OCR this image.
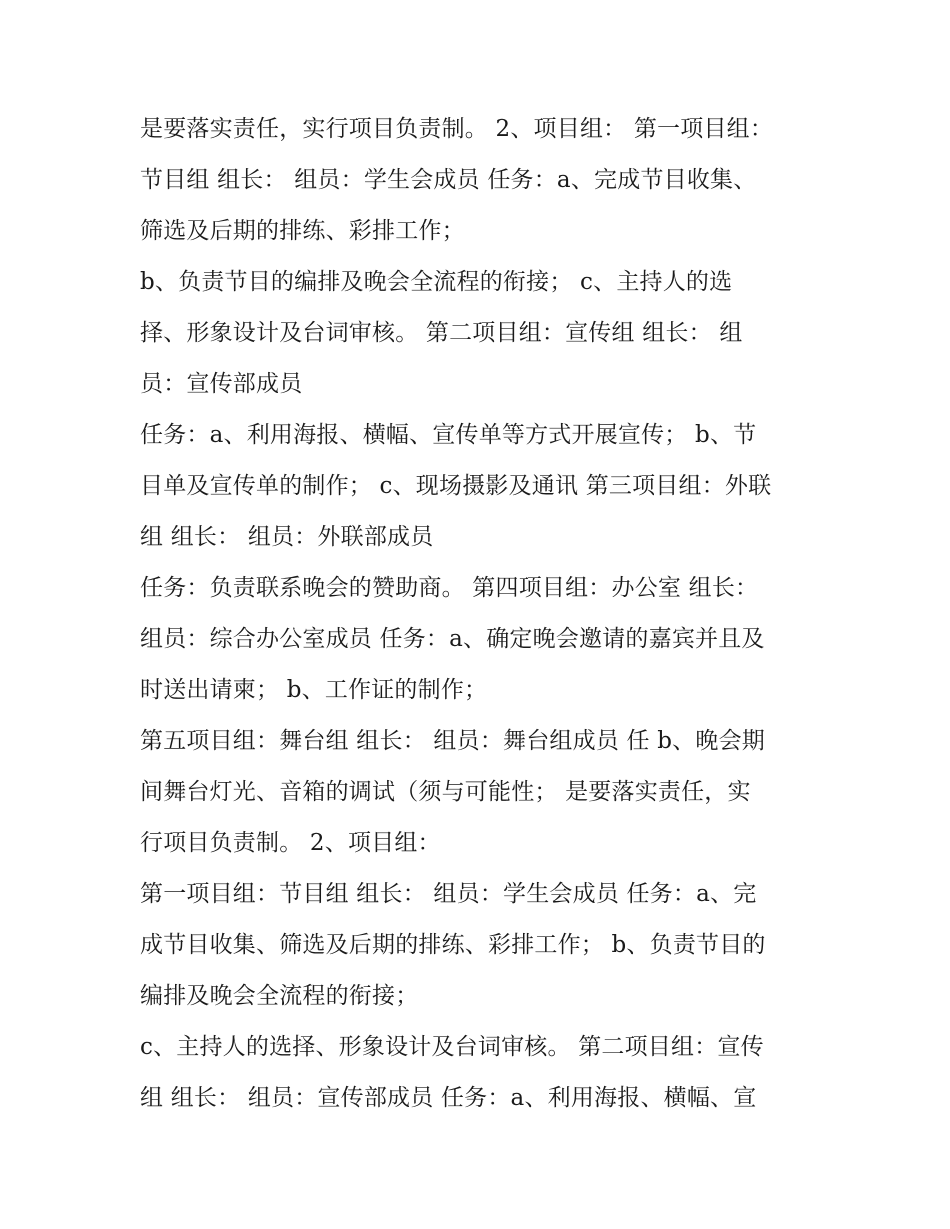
是要落实责任，实行项目负责制。 2、项目组： 第一项目组：
节目组 组长： 组员：学生会成员 任务：a、完成节目收集、
筛选及后期的排练、彩排工作；
b、负责节目的编排及晚会全流程的衔接； c、主持人的选
择、形象设计及台词审核。 第二项目组：宣传组 组长： 组
员：宣传部成员
任务：a、利用海报、横幅、宣传单等方式开展宣传； b、节
目单及宣传单的制作； c、现场摄影及通讯 第三项目组：外联
组 组长： 组员：外联部成员
任务：负责联系晚会的赞助商。 第四项目组：办公室 组长：
组员：综合办公室成员 任务：a、确定晚会邀请的嘉宾并且及
时送出请柬； b、工作证的制作；
第五项目组：舞台组 组长： 组员：舞台组成员 任 b、晚会期
间舞台灯光、音箱的调试（须与可能性； 是要落实责任，实
行项目负责制。 2、项目组：
第一项目组：节目组 组长： 组员：学生会成员 任务：a、完
成节目收集、筛选及后期的排练、彩排工作； b、负责节目的
编排及晚会全流程的衔接；
c、主持人的选择、形象设计及台词审核。 第二项目组：宣传
组 组长： 组员：宣传部成员 任务：a、利用海报、横幅、宣
